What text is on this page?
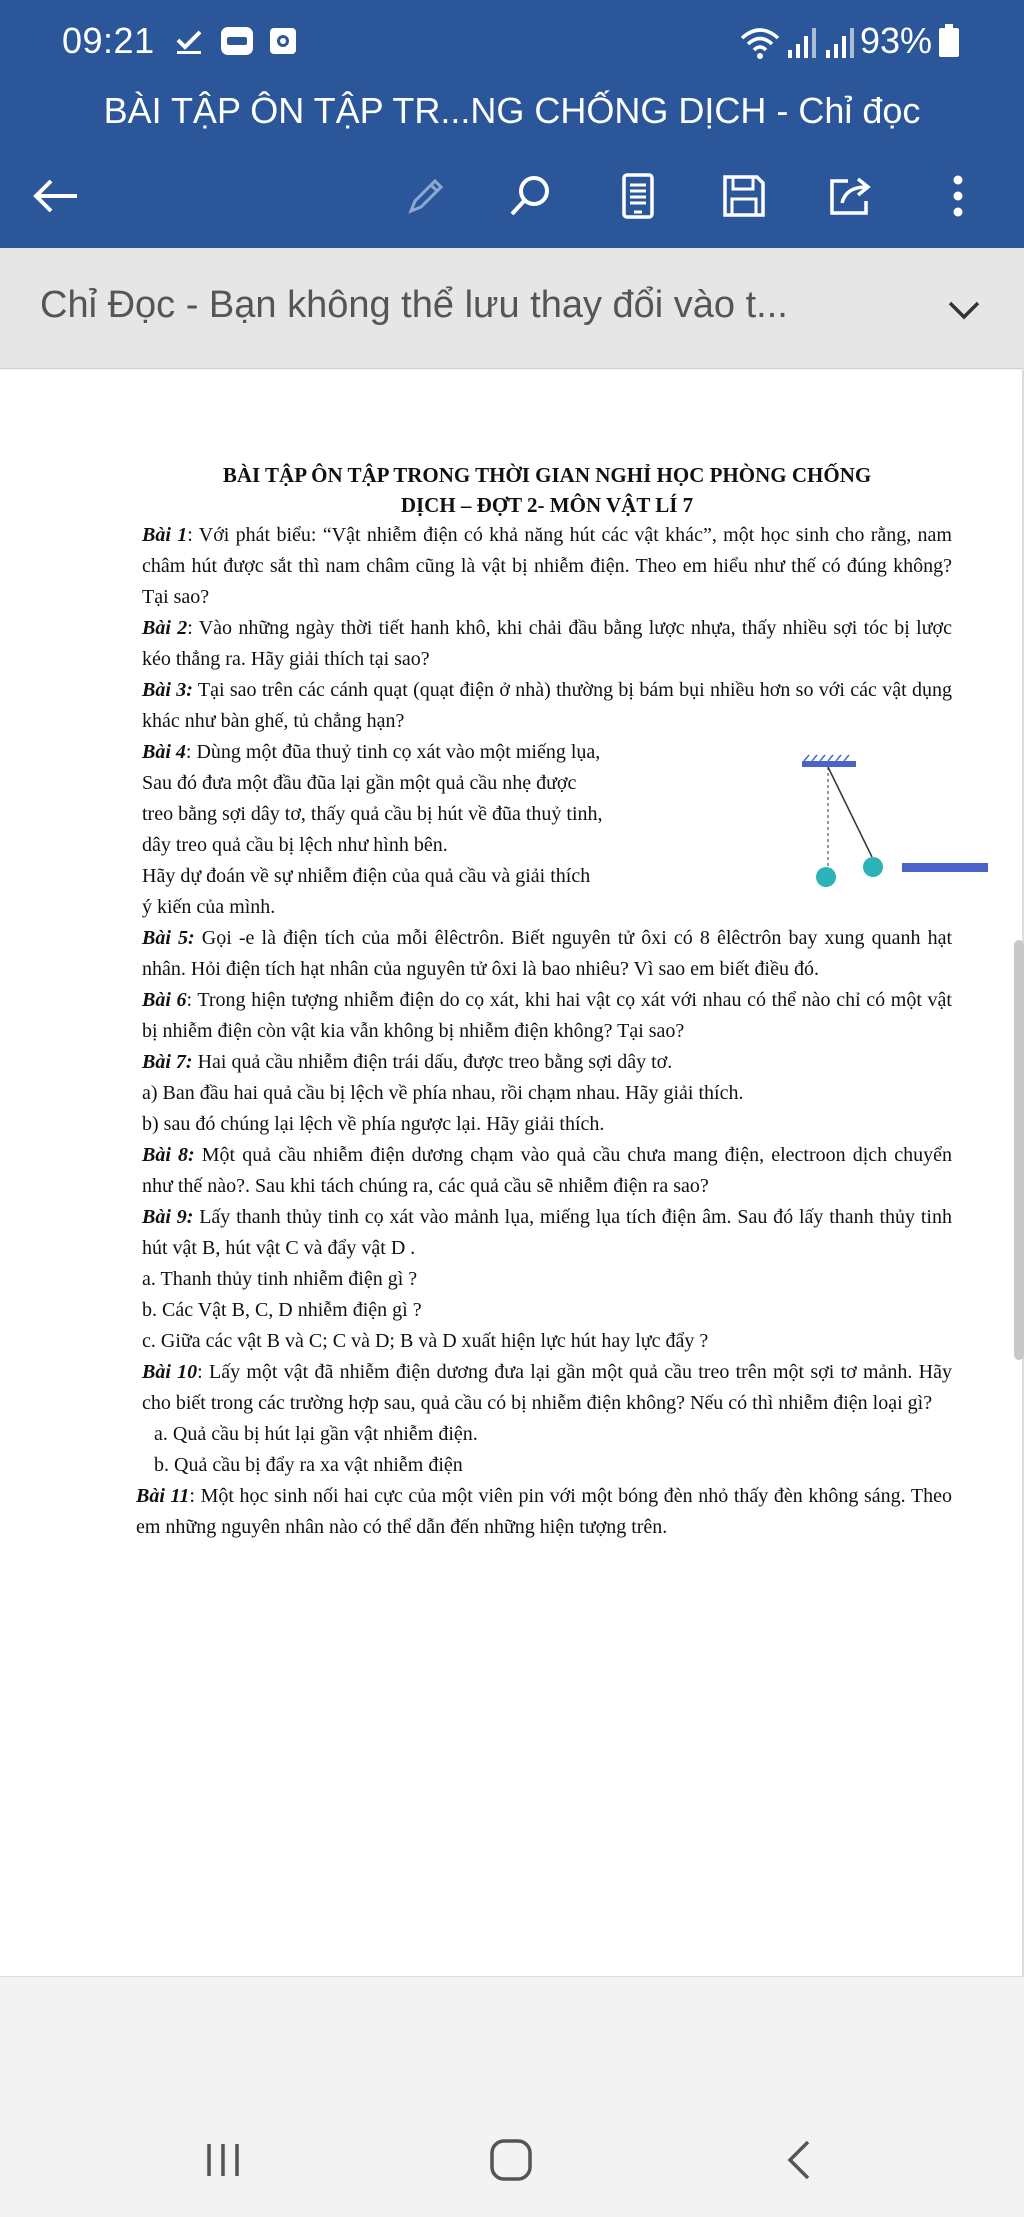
09:21	93%
BÀI TẬP ÔN TẬP TR...NG CHỐNG DỊCH - Chỉ đọc
Chỉ Đọc - Bạn không thể lưu thay đổi vào t...

BÀI TẬP ÔN TẬP TRONG THỜI GIAN NGHỈ HỌC PHÒNG CHỐNG

DỊCH – ĐỢT 2- MÔN VẬT LÍ 7

Bài 1: Với phát biểu: “Vật nhiễm điện có khả năng hút các vật khác”, một học sinh cho rằng, nam châm hút được sắt thì nam châm cũng là vật bị nhiễm điện. Theo em hiểu như thế có đúng không? Tại sao?

Bài 2: Vào những ngày thời tiết hanh khô, khi chải đầu bằng lược nhựa, thấy nhiều sợi tóc bị lược kéo thẳng ra. Hãy giải thích tại sao?

Bài 3: Tại sao trên các cánh quạt (quạt điện ở nhà) thường bị bám bụi nhiều hơn so với các vật dụng khác như bàn ghế, tủ chẳng hạn?

Bài 4: Dùng một đũa thuỷ tinh cọ xát vào một miếng lụa,

Sau đó đưa một đầu đũa lại gần một quả cầu nhẹ được

treo bằng sợi dây tơ, thấy quả cầu bị hút về đũa thuỷ tinh,

dây treo quả cầu bị lệch như hình bên.

Hãy dự đoán về sự nhiễm điện của quả cầu và giải thích

ý kiến của mình.

Bài 5: Gọi -e là điện tích của mỗi êlêctrôn. Biết nguyên tử ôxi có 8 êlêctrôn bay xung quanh hạt nhân. Hỏi điện tích hạt nhân của nguyên tử ôxi là bao nhiêu? Vì sao em biết điều đó.

Bài 6: Trong hiện tượng nhiễm điện do cọ xát, khi hai vật cọ xát với nhau có thể nào chỉ có một vật bị nhiễm điện còn vật kia vẫn không bị nhiễm điện không? Tại sao?

Bài 7: Hai quả cầu nhiễm điện trái dấu, được treo bằng sợi dây tơ.

a) Ban đầu hai quả cầu bị lệch về phía nhau, rồi chạm nhau. Hãy giải thích.

b) sau đó chúng lại lệch về phía ngược lại. Hãy giải thích.

Bài 8: Một quả cầu nhiễm điện dương chạm vào quả cầu chưa mang điện, electroon dịch chuyển như thế nào?. Sau khi tách chúng ra, các quả cầu sẽ nhiễm điện ra sao?

Bài 9: Lấy thanh thủy tinh cọ xát vào mảnh lụa, miếng lụa tích điện âm. Sau đó lấy thanh thủy tinh hút vật B, hút vật C và đẩy vật D .

a. Thanh thủy tinh nhiễm điện gì ?

b. Các Vật B, C, D nhiễm điện gì ?

c. Giữa các vật B và C; C và D; B và D xuất hiện lực hút hay lực đẩy ?

Bài 10: Lấy một vật đã nhiễm điện dương đưa lại gần một quả cầu treo trên một sợi tơ mảnh. Hãy cho biết trong các trường hợp sau, quả cầu có bị nhiễm điện không? Nếu có thì nhiễm điện loại gì?

a. Quả cầu bị hút lại gần vật nhiễm điện.

b. Quả cầu bị đẩy ra xa vật nhiễm điện

Bài 11: Một học sinh nối hai cực của một viên pin với một bóng đèn nhỏ thấy đèn không sáng. Theo em những nguyên nhân nào có thể dẫn đến những hiện tượng trên.
